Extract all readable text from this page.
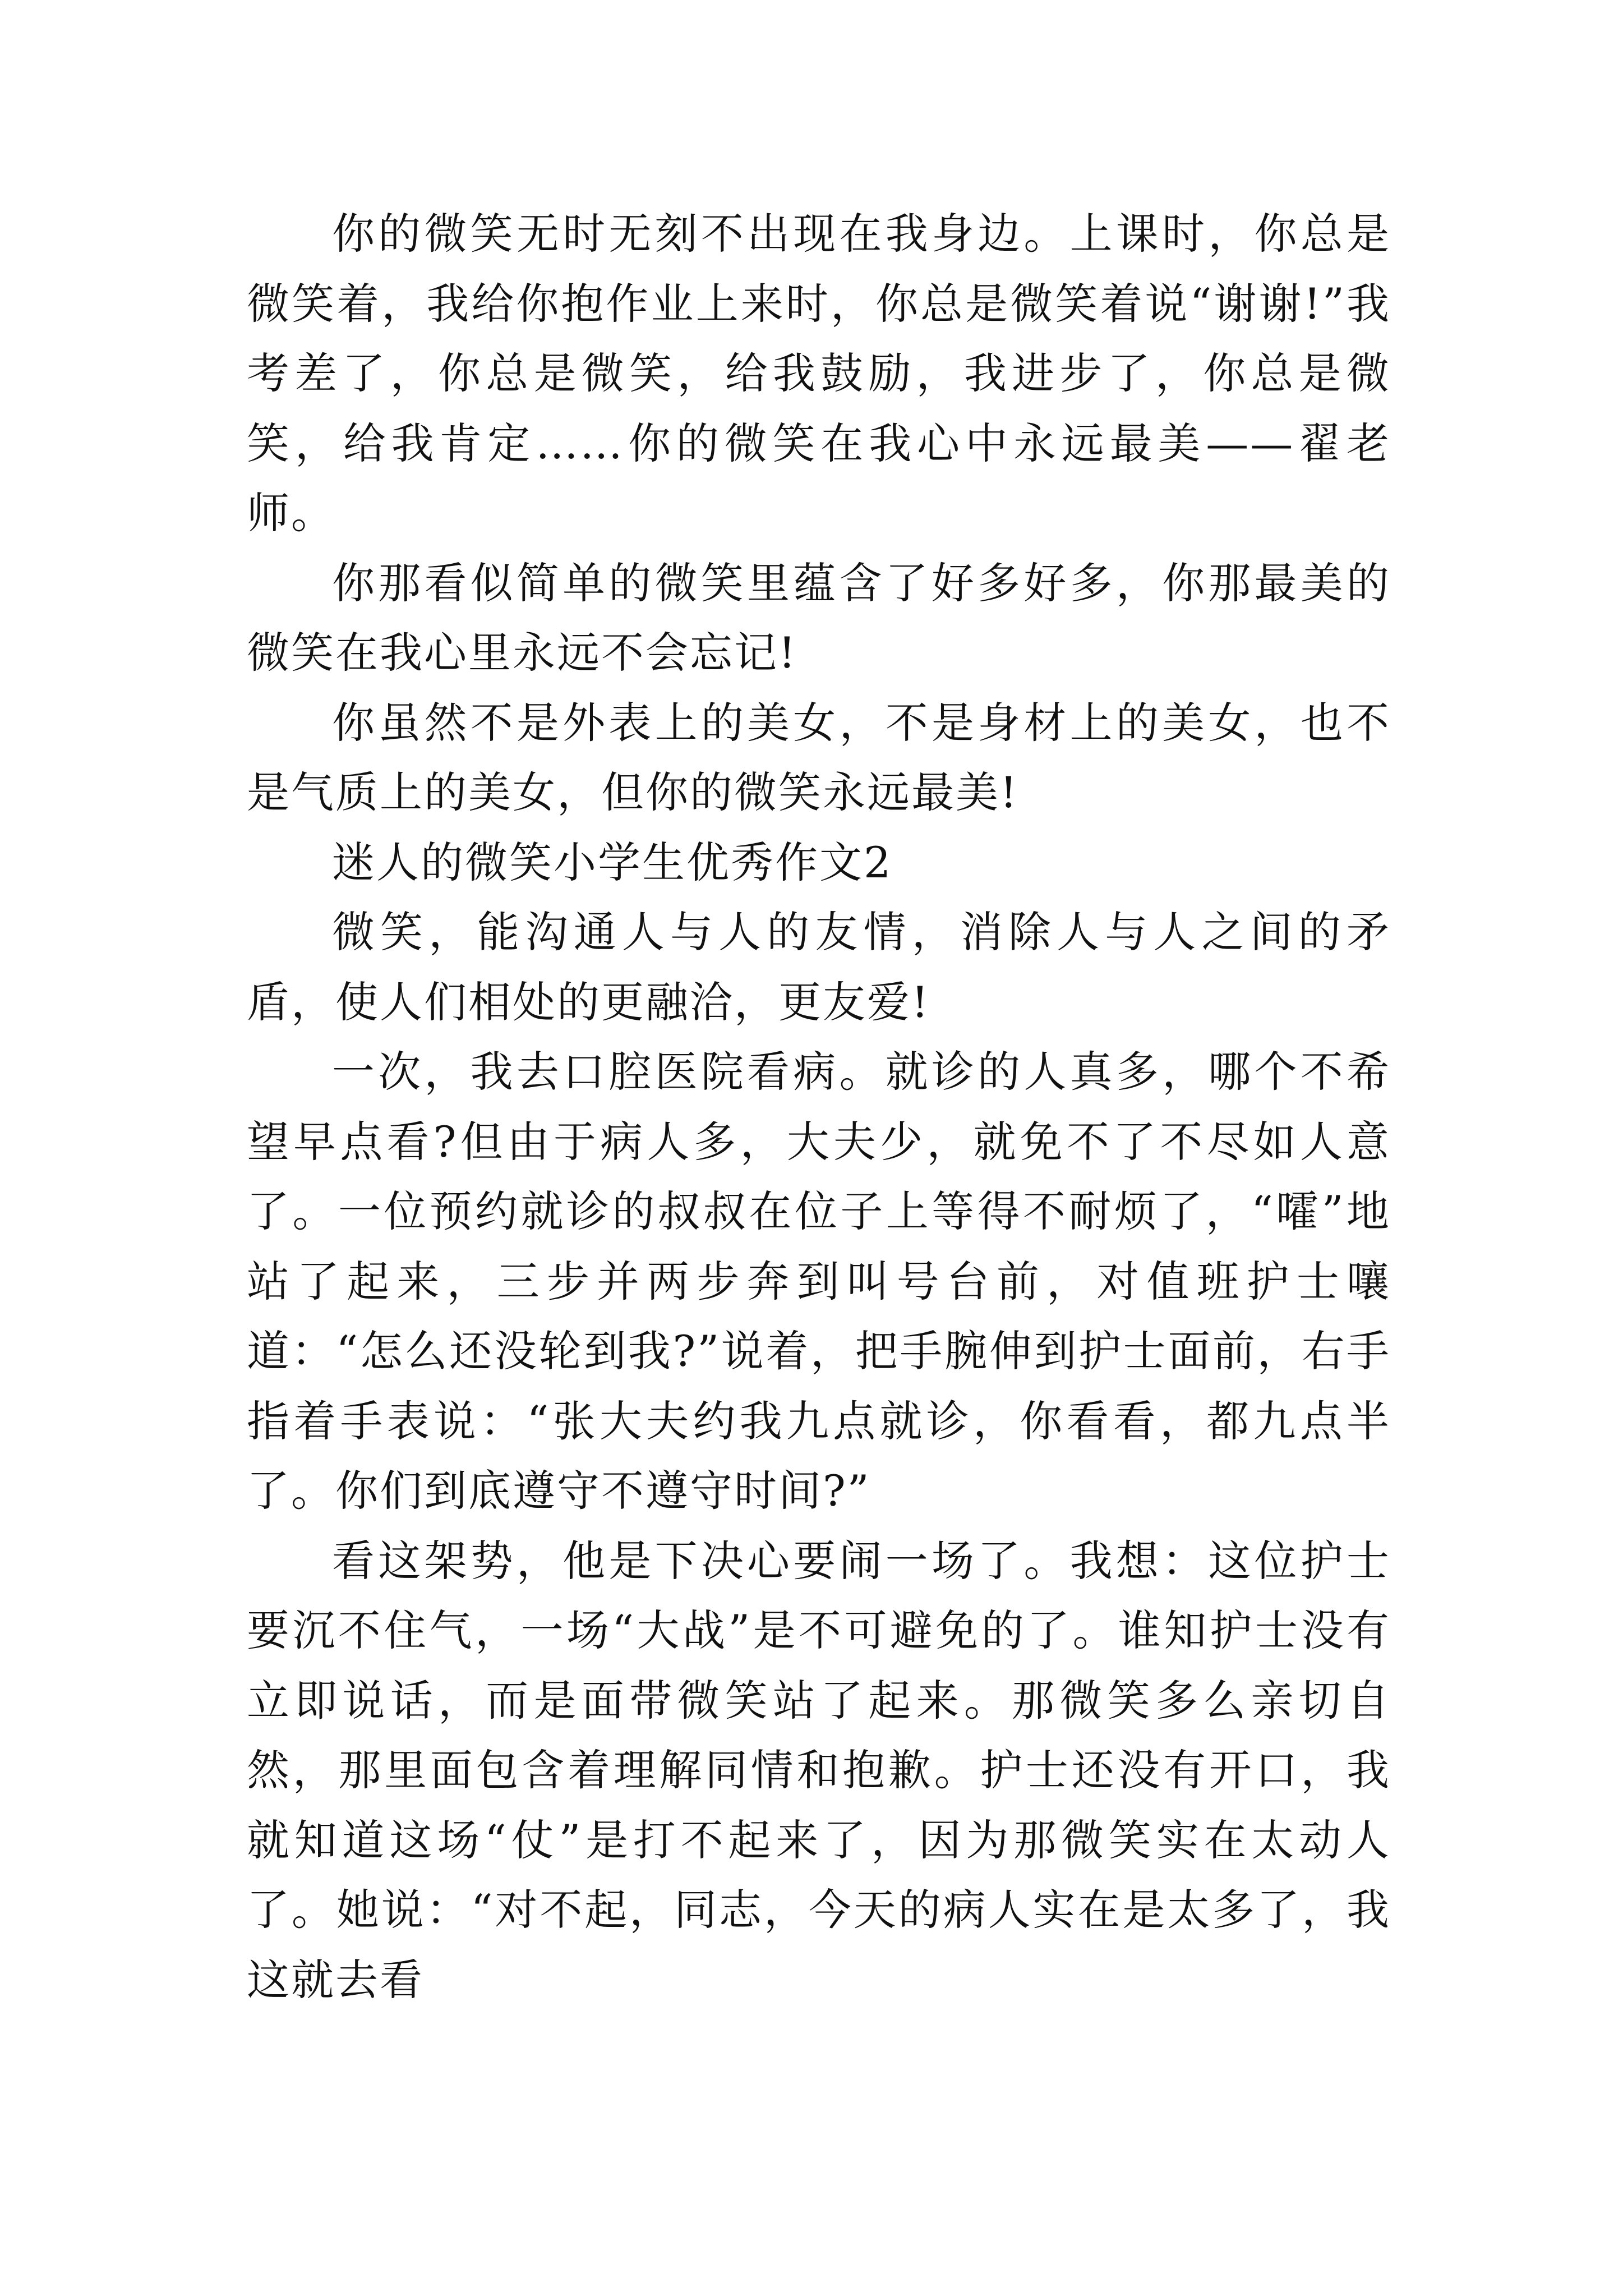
你的微笑无时无刻不出现在我身边。上课时，你总是微笑着，我给你抱作业上来时，你总是微笑着说“谢谢!”我考差了，你总是微笑，给我鼓励，我进步了，你总是微笑，给我肯定……你的微笑在我心中永远最美——翟老师。

你那看似简单的微笑里蕴含了好多好多，你那最美的微笑在我心里永远不会忘记!

你虽然不是外表上的美女，不是身材上的美女，也不是气质上的美女，但你的微笑永远最美!

迷人的微笑小学生优秀作文2

微笑，能沟通人与人的友情，消除人与人之间的矛盾，使人们相处的更融洽，更友爱!

一次，我去口腔医院看病。就诊的人真多，哪个不希望早点看?但由于病人多，大夫少，就免不了不尽如人意了。一位预约就诊的叔叔在位子上等得不耐烦了，“嚯”地站了起来，三步并两步奔到叫号台前，对值班护士嚷道：“怎么还没轮到我?”说着，把手腕伸到护士面前，右手指着手表说：“张大夫约我九点就诊，你看看，都九点半了。你们到底遵守不遵守时间?”

看这架势，他是下决心要闹一场了。我想：这位护士要沉不住气，一场“大战”是不可避免的了。谁知护士没有立即说话，而是面带微笑站了起来。那微笑多么亲切自然，那里面包含着理解同情和抱歉。护士还没有开口，我就知道这场“仗”是打不起来了，因为那微笑实在太动人了。她说：“对不起，同志，今天的病人实在是太多了，我这就去看
